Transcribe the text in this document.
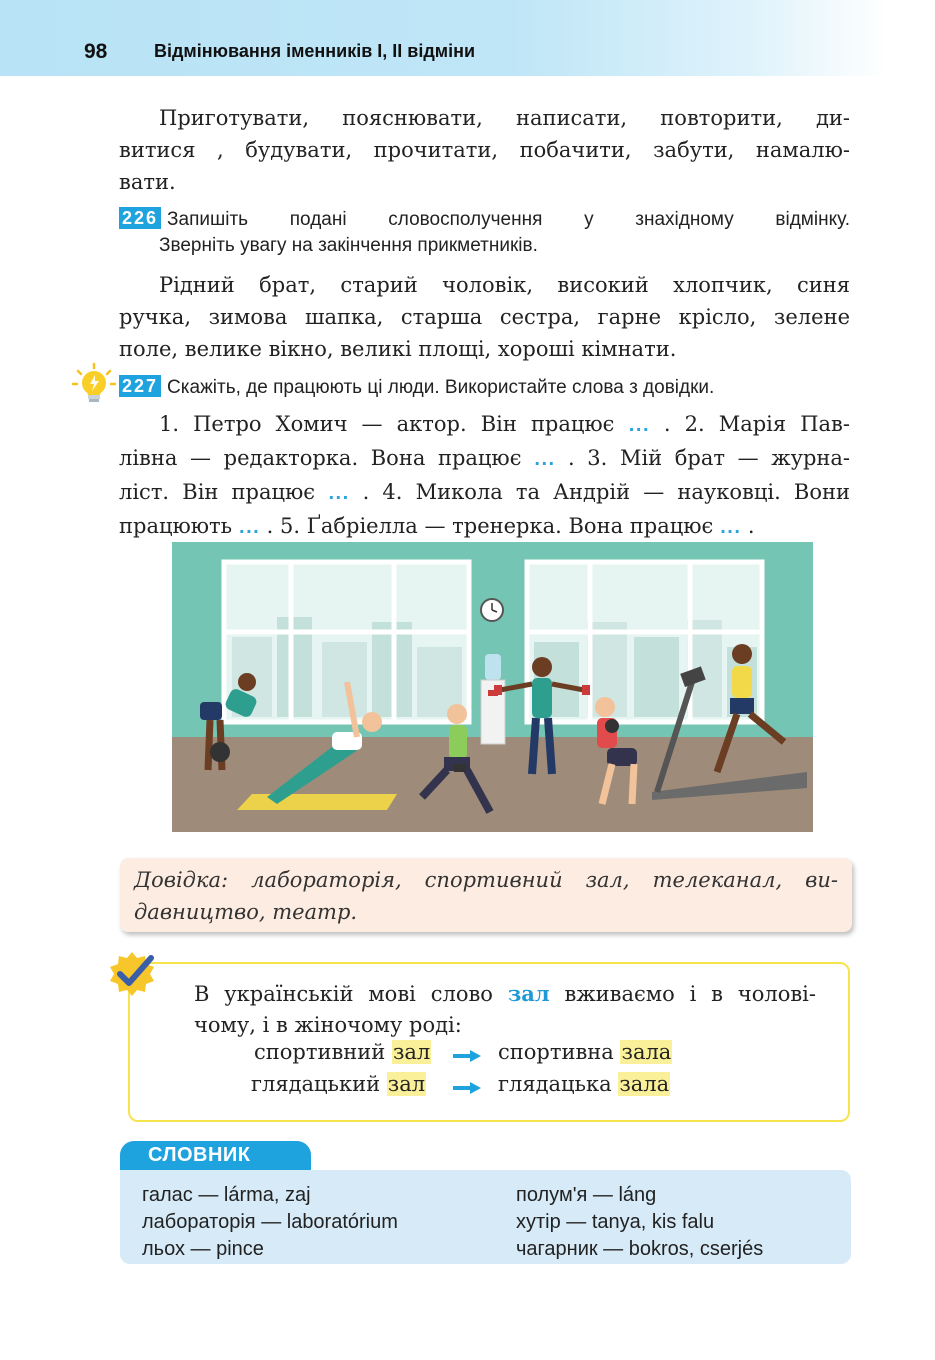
98	Відмінювання іменників І, ІІ відміни
Приготувати, пояснювати, написати, повторити, ди-
витися , будувати, прочитати, побачити, забути, намалю-
вати.
226 Запишіть подані словосполучення у знахідному відмінку.
Зверніть увагу на закінчення прикметників.
Рідний брат, старий чоловік, високий хлопчик, синя
ручка, зимова шапка, старша сестра, гарне крісло, зелене
поле, велике вікно, великі площі, хороші кімнати.
227 Скажіть, де працюють ці люди. Використайте слова з довідки.
1. Петро Хомич — актор. Він працює ... . 2. Марія Пав-
лівна — редакторка. Вона працює ... . 3. Мій брат — журна-
ліст. Він працює ... . 4. Микола та Андрій — науковці. Вони
працюють ... . 5. Ґабріелла — тренерка. Вона працює ... .
Довідка: лабораторія, спортивний зал, телеканал, ви-
давництво, театр.
В українській мові слово зал вживаємо і в чолові-
чому, і в жіночому роді:
спортивний зал	спортивна зала
глядацький зал	глядацька зала
СЛОВНИК
галас — lárma, zaj
лабораторія — laboratórium
льох — pince
полум'я — láng
хутір — tanya, kis falu
чагарник — bokros, cserjés
